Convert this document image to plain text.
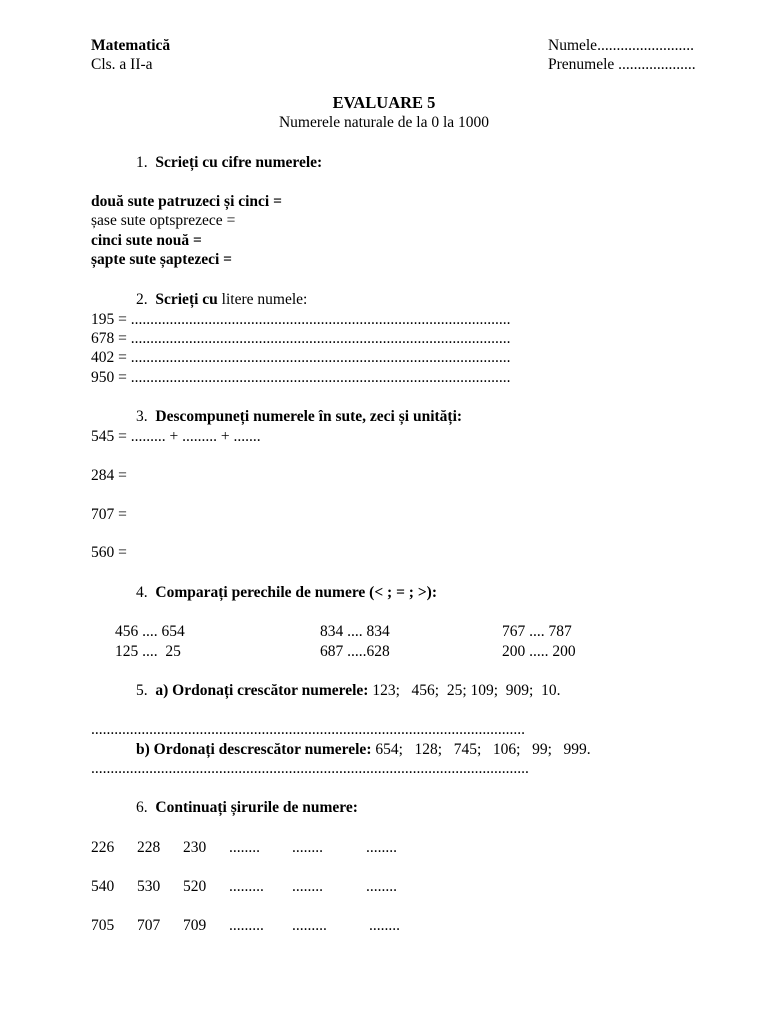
Matematică
Cls. a II-a
Numele.........................
Prenumele ....................
EVALUARE 5
Numerele naturale de la 0 la 1000
1. Scrieți cu cifre numerele:
două sute patruzeci și cinci =
șase sute optsprezece =
cinci sute nouă =
șapte sute șaptezeci =
2. Scrieți cu litere numele:
195 = ..................................................................................................
678 = ..................................................................................................
402 = ..................................................................................................
950 = ..................................................................................................
3. Descompuneți numerele în sute, zeci și unități:
545 = ......... + ......... + .......
284 =
707 =
560 =
4. Comparați perechile de numere (< ; = ; >):
456 .... 654	834 .... 834	767 .... 787
125 ....  25	687 .....628	200 ..... 200
5. a) Ordonați crescător numerele: 123;   456;  25; 109;  909;  10.
................................................................................................................
b) Ordonați descrescător numerele: 654;   128;   745;   106;   99;   999.
.................................................................................................................
6. Continuați șirurile de numere:
226 228 230 ........ ........	........
540 530 520 ......... ........	........
705 707 709 ......... .........	........
